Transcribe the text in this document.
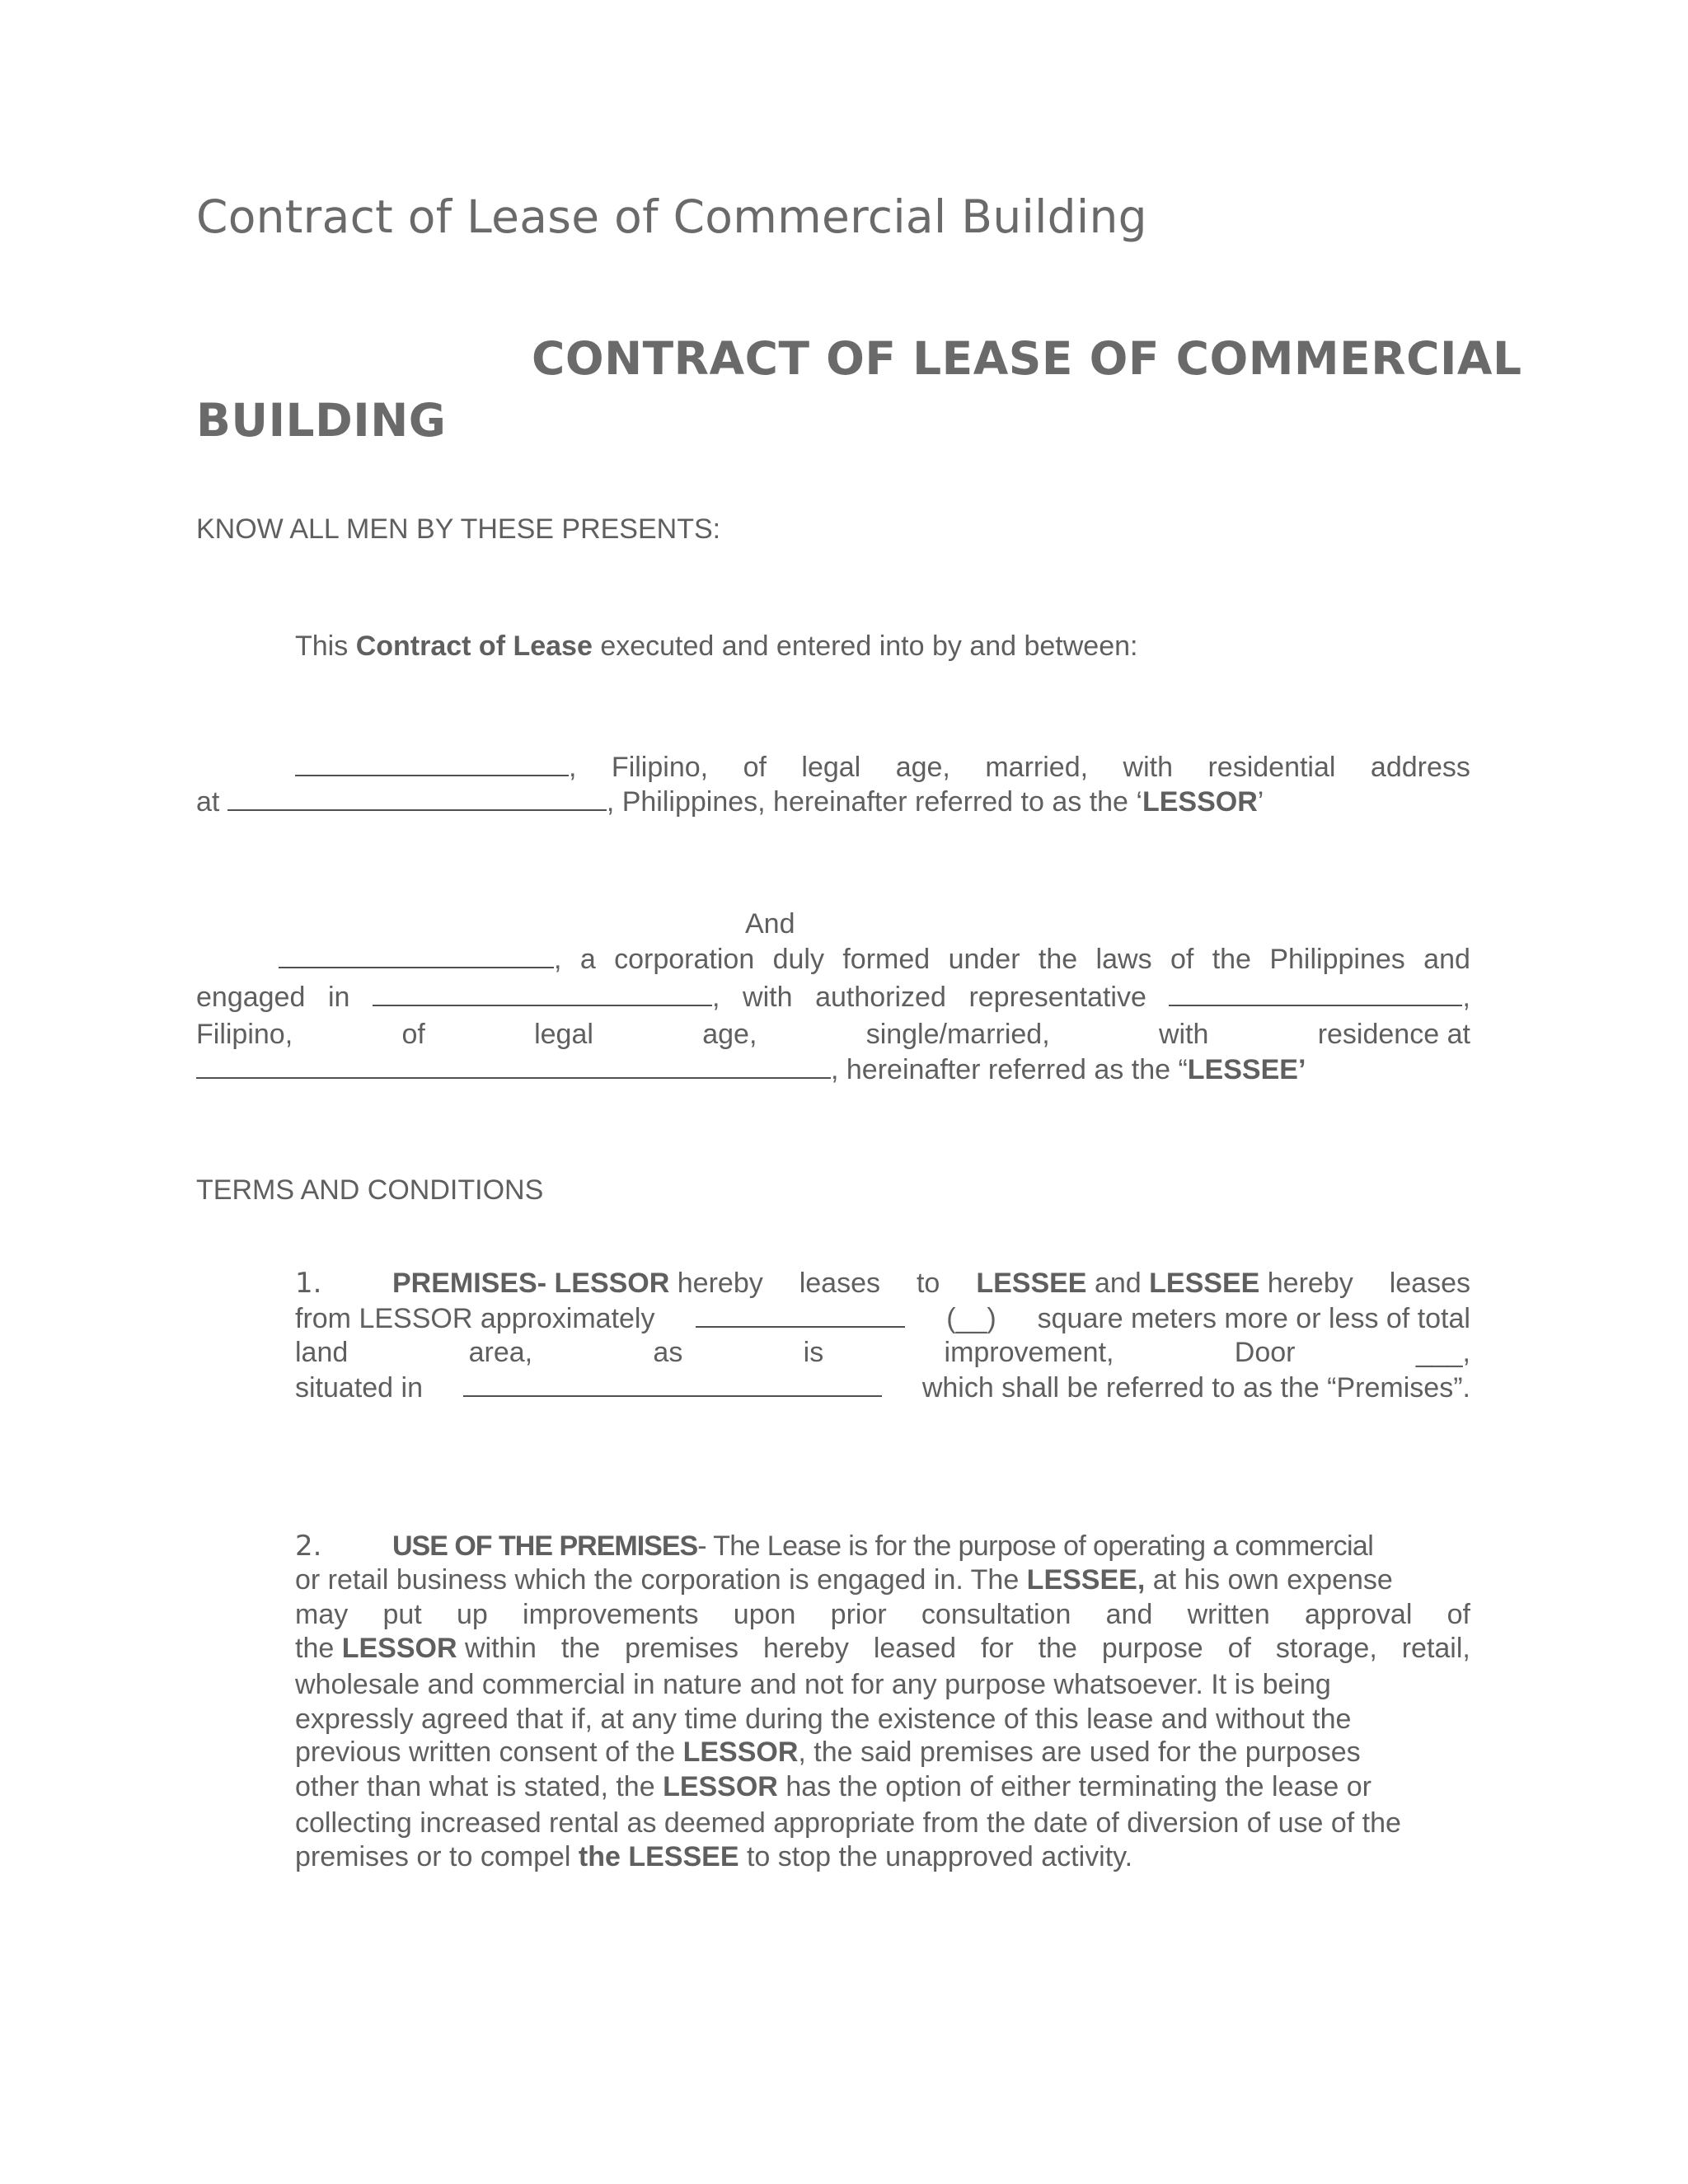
Contract of Lease of Commercial Building
CONTRACT OF LEASE OF COMMERCIAL
BUILDING
KNOW ALL MEN BY THESE PRESENTS:
This Contract of Lease executed and entered into by and between:
, Filipino, of legal age, married, with residential address
at	, Philippines, hereinafter referred to as the ‘LESSOR’
And
, a corporation duly formed under the laws of the Philippines and
engaged in	, with authorized representative	,
Filipino,	of	legal	age,	single/married,	with	residence at
, hereinafter referred as the “LESSEE’
TERMS AND CONDITIONS
1.	PREMISES- LESSOR hereby leases to LESSEE and LESSEE hereby leases
from LESSOR approximately	(__) square meters more or less of total
land	area,	as	is	improvement,	Door	___,
situated in	which shall be referred to as the “Premises”.
2.	USE OF THE PREMISES- The Lease is for the purpose of operating a commercial
or retail business which the corporation is engaged in. The LESSEE, at his own expense
may put up improvements upon prior consultation and written approval of
the LESSOR within the premises hereby leased for the purpose of storage, retail,
wholesale and commercial in nature and not for any purpose whatsoever. It is being
expressly agreed that if, at any time during the existence of this lease and without the
previous written consent of the LESSOR, the said premises are used for the purposes
other than what is stated, the LESSOR has the option of either terminating the lease or
collecting increased rental as deemed appropriate from the date of diversion of use of the
premises or to compel the LESSEE to stop the unapproved activity.
